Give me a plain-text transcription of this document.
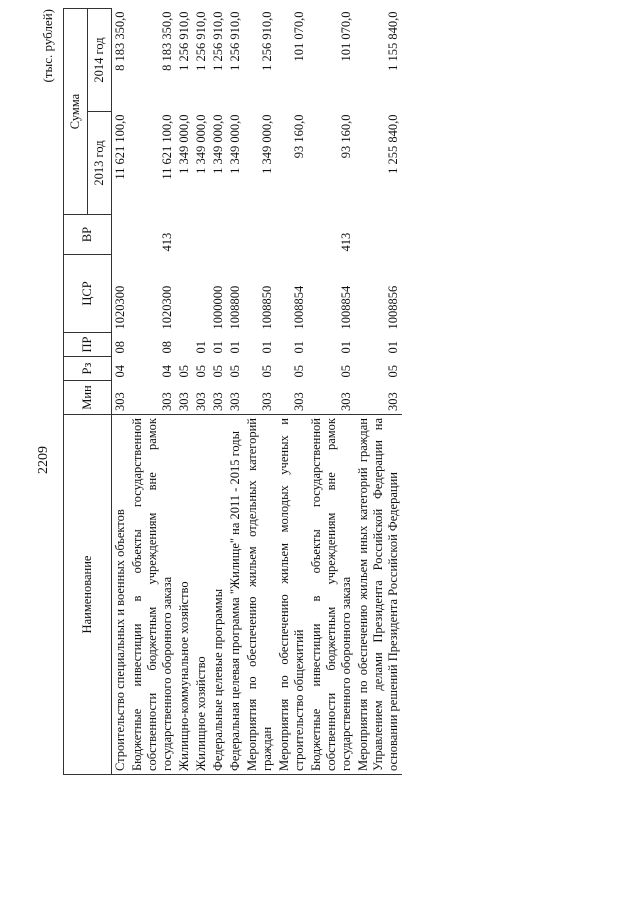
2209
(тыс. рублей)
Наименование	Мин	Рз	ПР	ЦСР	ВР	Сумма	
						2013 год	2014 год
Строительство специальных и военных объектов	303	04	08	1020300		11 621 100,0	8 183 350,0
Бюджетные инвестиции в объекты государственной собственности бюджетным учреждениям вне рамок государственного оборонного заказа	303	04	08	1020300	413	11 621 100,0	8 183 350,0
Жилищно-коммунальное хозяйство	303	05				1 349 000,0	1 256 910,0
Жилищное хозяйство	303	05	01			1 349 000,0	1 256 910,0
Федеральные целевые программы	303	05	01	1000000		1 349 000,0	1 256 910,0
Федеральная целевая программа "Жилище" на 2011 - 2015 годы	303	05	01	1008800		1 349 000,0	1 256 910,0
Мероприятия по обеспечению жильем отдельных категорий граждан	303	05	01	1008850		1 349 000,0	1 256 910,0
Мероприятия по обеспечению жильем молодых ученых и строительство общежитий	303	05	01	1008854		93 160,0	101 070,0
Бюджетные инвестиции в объекты государственной собственности бюджетным учреждениям вне рамок государственного оборонного заказа	303	05	01	1008854	413	93 160,0	101 070,0
Мероприятия по обеспечению жильем иных категорий граждан Управлением делами Президента Российской Федерации на основании решений Президента Российской Федерации	303	05	01	1008856		1 255 840,0	1 155 840,0
